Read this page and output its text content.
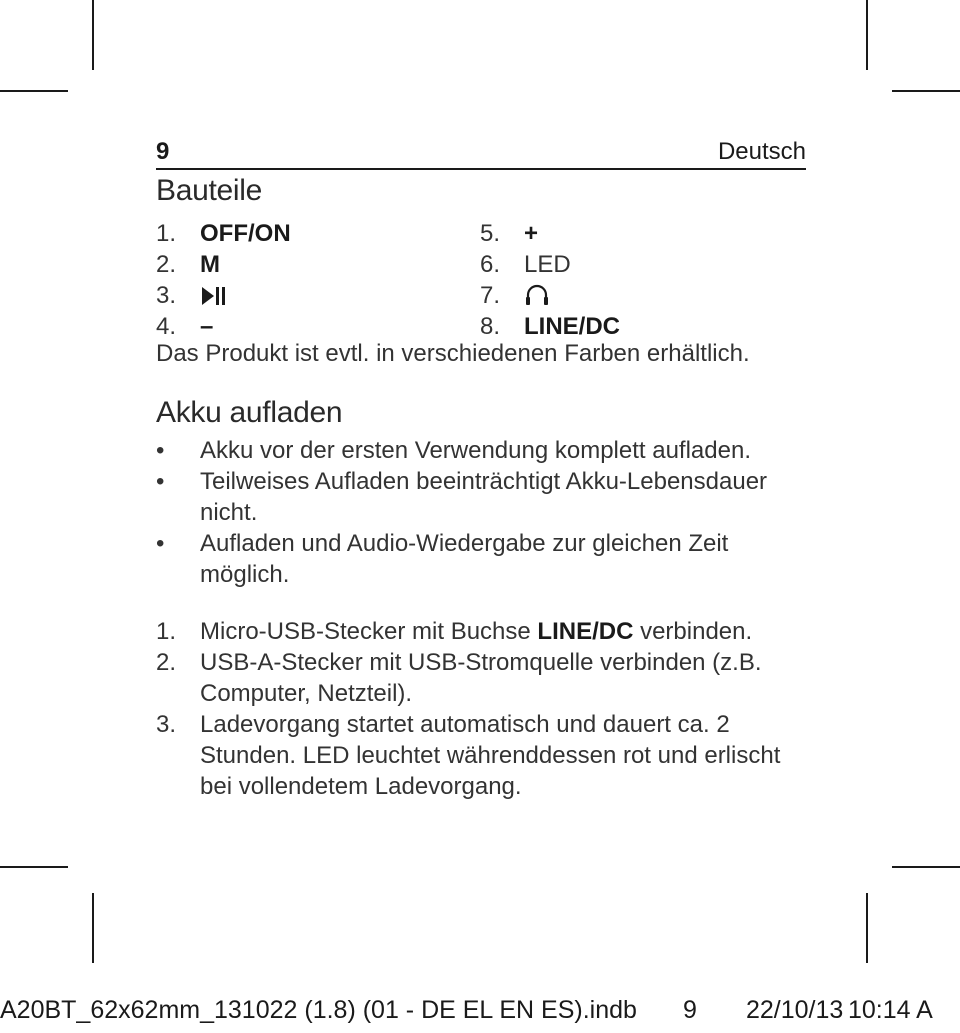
9	Deutsch
Bauteile
1. OFF/ON
2. M
3.
4. –
5. +
6. LED
7.
8. LINE/DC
Das Produkt ist evtl. in verschiedenen Farben erhältlich.
Akku aufladen
•	Akku vor der ersten Verwendung komplett aufladen.
•	Teilweises Aufladen beeinträchtigt Akku-Lebensdauer nicht.
•	Aufladen und Audio-Wiedergabe zur gleichen Zeit möglich.
1. Micro-USB-Stecker mit Buchse LINE/DC verbinden.
2. USB-A-Stecker mit USB-Stromquelle verbinden (z.B. Computer, Netzteil).
3. Ladevorgang startet automatisch und dauert ca. 2 Stunden. LED leuchtet währenddessen rot und erlischt bei vollendetem Ladevorgang.
A20BT_62x62mm_131022 (1.8) (01 - DE EL EN ES).indb 9 22/10/13 10:14 A
